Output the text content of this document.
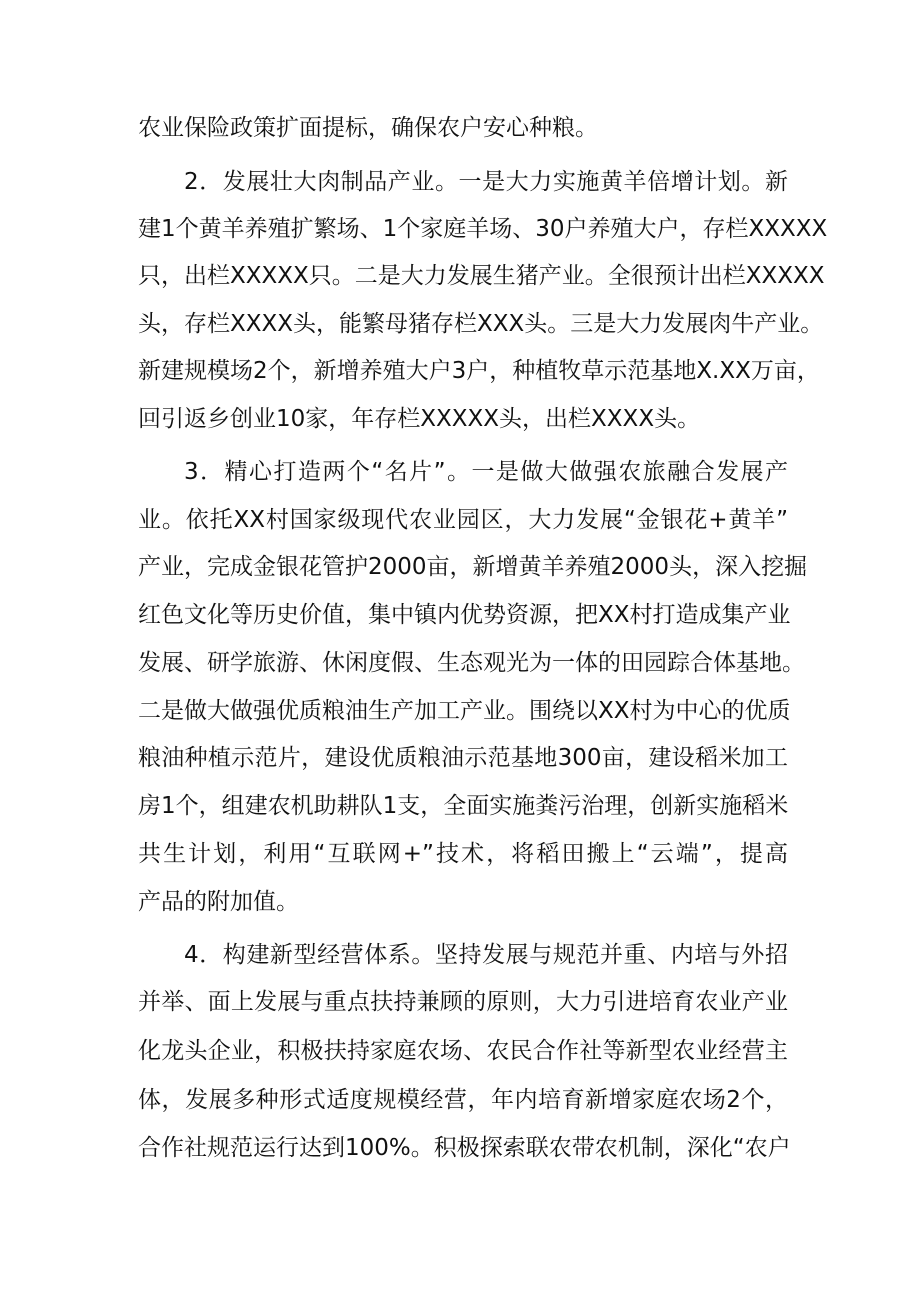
农业保险政策扩面提标，确保农户安心种粮。
2．发展壮大肉制品产业。一是大力实施黄羊倍增计划。新
建1个黄羊养殖扩繁场、1个家庭羊场、30户养殖大户，存栏XXXXX
只，出栏XXXXX只。二是大力发展生猪产业。全很预计出栏XXXXX
头，存栏XXXX头，能繁母猪存栏XXX头。三是大力发展肉牛产业。
新建规模场2个，新增养殖大户3户，种植牧草示范基地X.XX万亩，
回引返乡创业10家，年存栏XXXXX头，出栏XXXX头。
3．精心打造两个“名片”。一是做大做强农旅融合发展产
业。依托XX村国家级现代农业园区，大力发展“金银花+黄羊”
产业，完成金银花管护2000亩，新增黄羊养殖2000头，深入挖掘
红色文化等历史价值，集中镇内优势资源，把XX村打造成集产业
发展、研学旅游、休闲度假、生态观光为一体的田园踪合体基地。
二是做大做强优质粮油生产加工产业。围绕以XX村为中心的优质
粮油种植示范片，建设优质粮油示范基地300亩，建设稻米加工
房1个，组建农机助耕队1支，全面实施粪污治理，创新实施稻米
共生计划，利用“互联网+”技术，将稻田搬上“云端”，提高
产品的附加值。
4．构建新型经营体系。坚持发展与规范并重、内培与外招
并举、面上发展与重点扶持兼顾的原则，大力引进培育农业产业
化龙头企业，积极扶持家庭农场、农民合作社等新型农业经营主
体，发展多种形式适度规模经营，年内培育新增家庭农场2个，
合作社规范运行达到100%。积极探索联农带农机制，深化“农户
